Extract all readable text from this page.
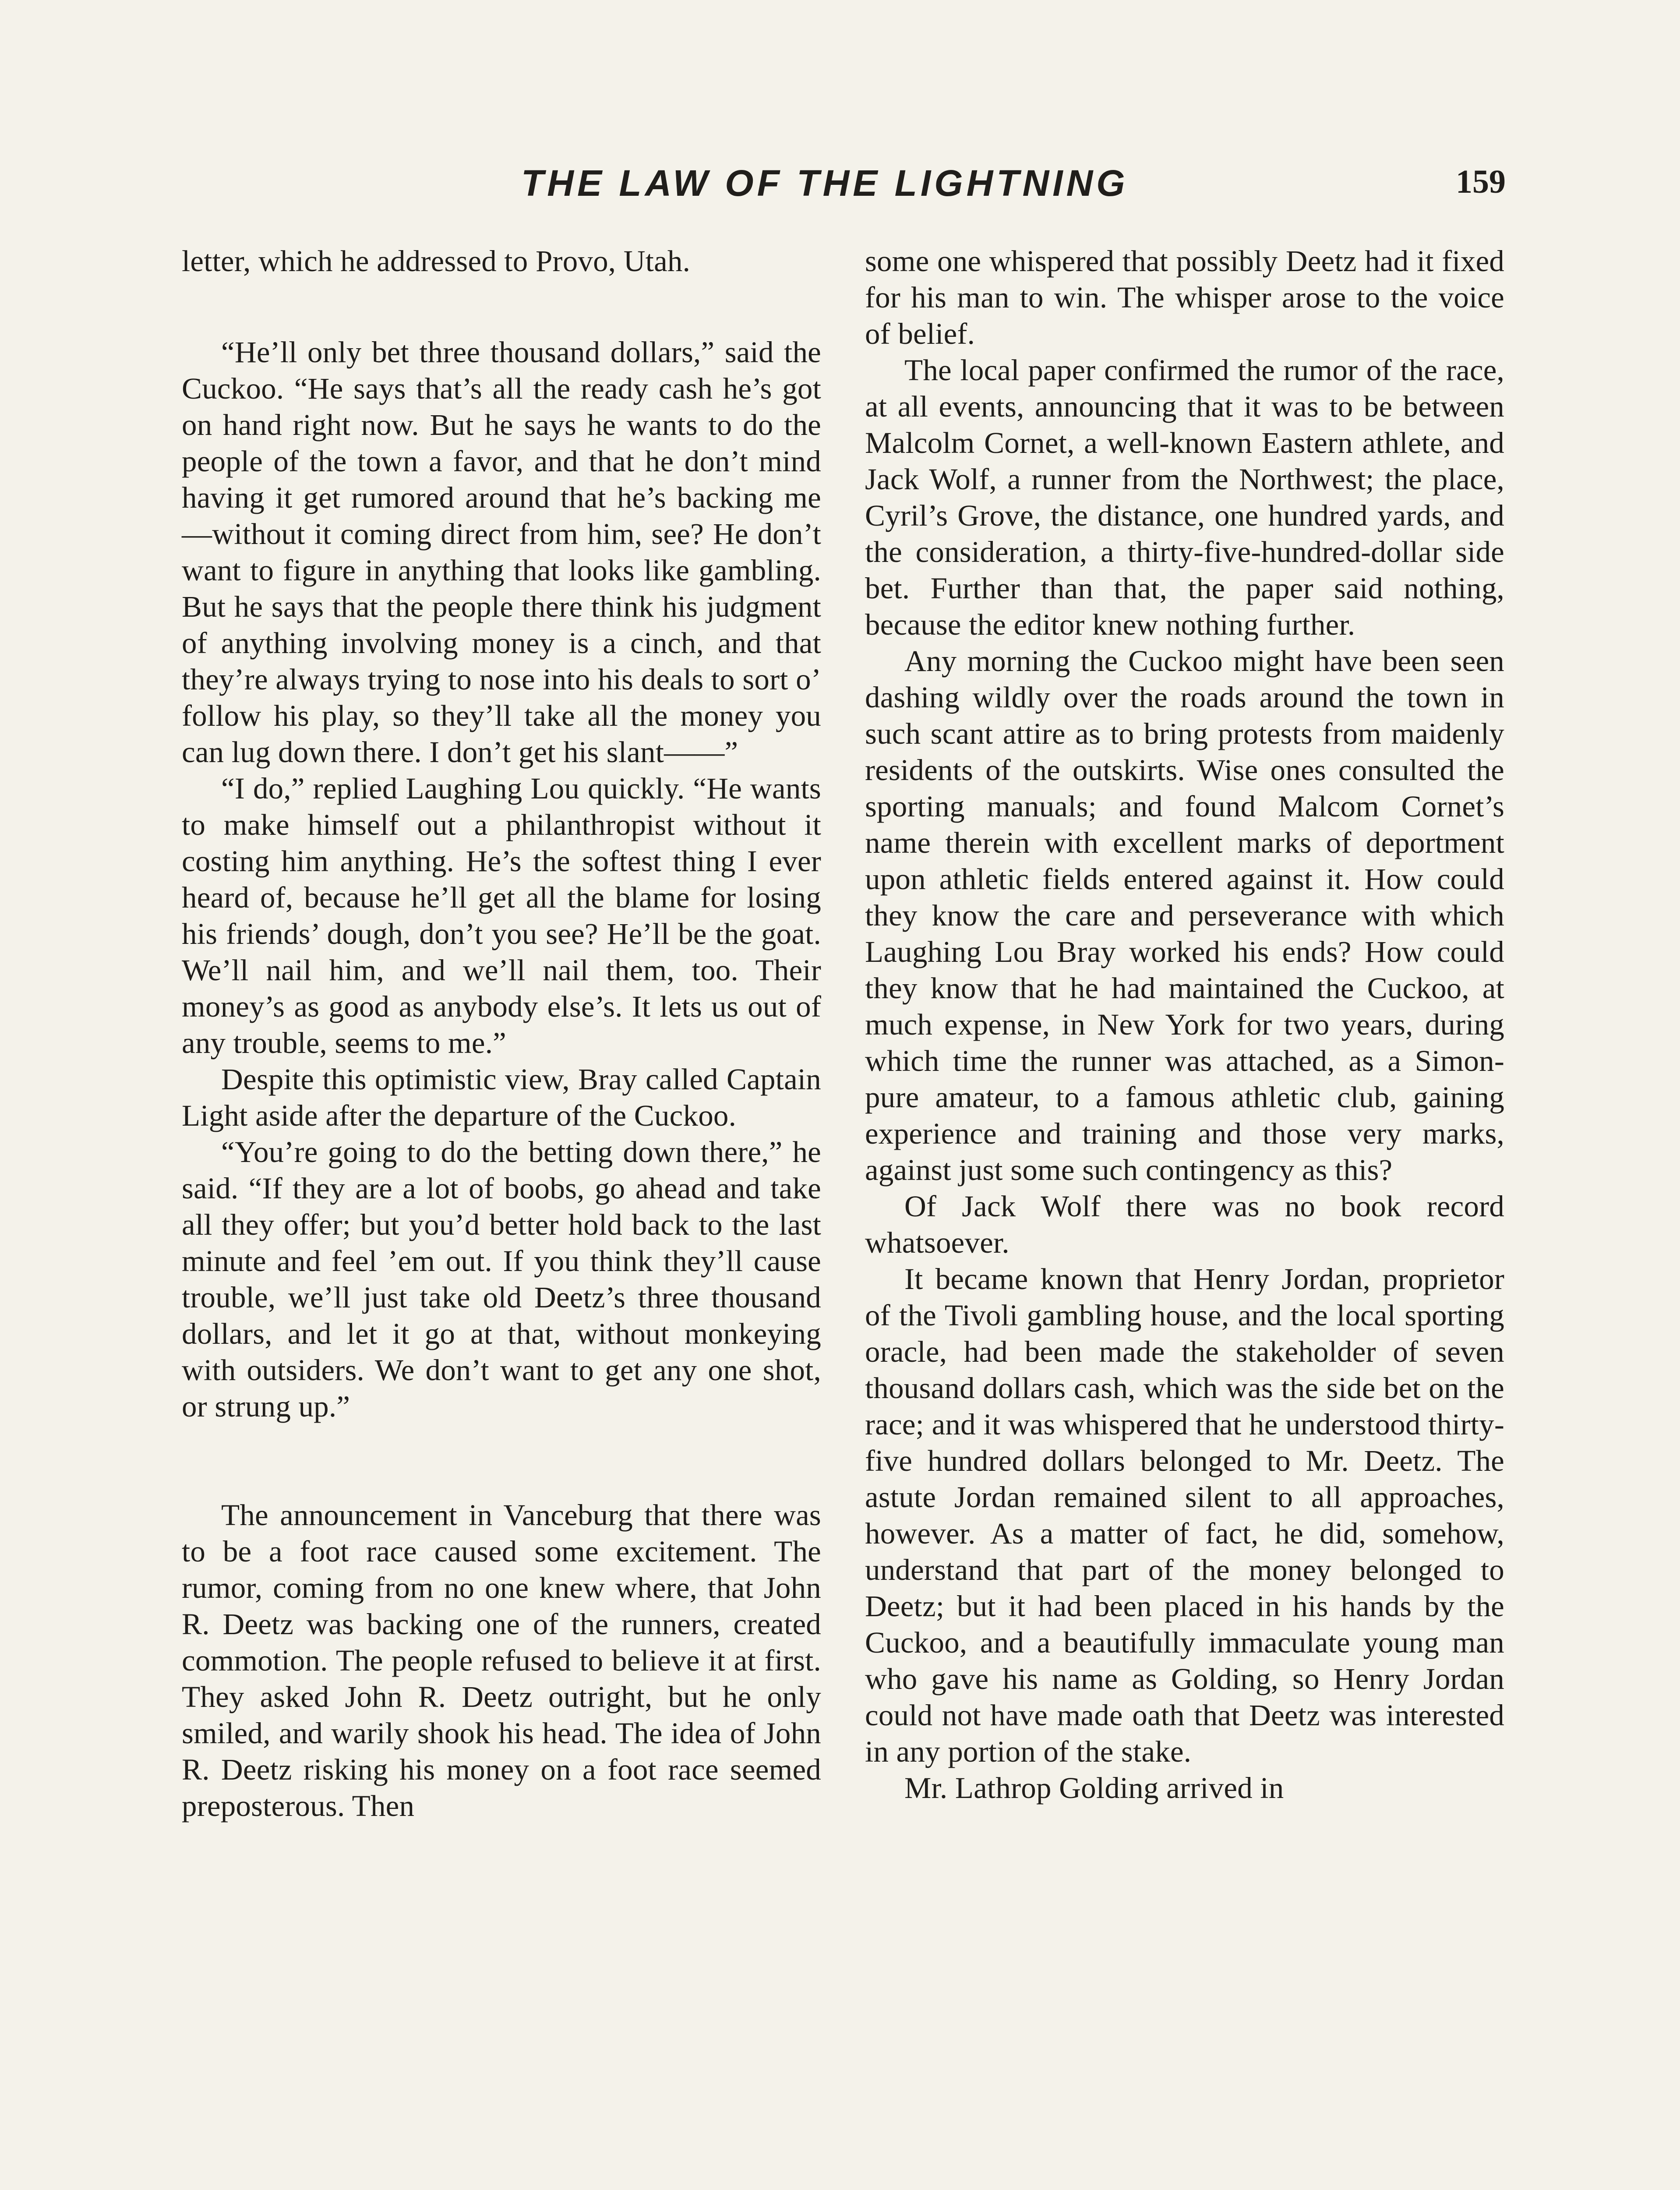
THE LAW OF THE LIGHTNING	159

letter, which he addressed to Provo, Utah.

“He’ll only bet three thousand dollars,” said the Cuckoo. “He says that’s all the ready cash he’s got on hand right now. But he says he wants to do the people of the town a favor, and that he don’t mind having it get rumored around that he’s backing me—without it coming direct from him, see? He don’t want to figure in anything that looks like gambling. But he says that the people there think his judgment of anything involving money is a cinch, and that they’re always trying to nose into his deals to sort o’ follow his play, so they’ll take all the money you can lug down there. I don’t get his slant——”

“I do,” replied Laughing Lou quickly. “He wants to make himself out a philanthropist without it costing him anything. He’s the softest thing I ever heard of, because he’ll get all the blame for losing his friends’ dough, don’t you see? He’ll be the goat. We’ll nail him, and we’ll nail them, too. Their money’s as good as anybody else’s. It lets us out of any trouble, seems to me.”

Despite this optimistic view, Bray called Captain Light aside after the departure of the Cuckoo.

“You’re going to do the betting down there,” he said. “If they are a lot of boobs, go ahead and take all they offer; but you’d better hold back to the last minute and feel ’em out. If you think they’ll cause trouble, we’ll just take old Deetz’s three thousand dollars, and let it go at that, without monkeying with outsiders. We don’t want to get any one shot, or strung up.”

The announcement in Vanceburg that there was to be a foot race caused some excitement. The rumor, coming from no one knew where, that John R. Deetz was backing one of the runners, created commotion. The people refused to believe it at first. They asked John R. Deetz outright, but he only smiled, and warily shook his head. The idea of John R. Deetz risking his money on a foot race seemed preposterous. Then

some one whispered that possibly Deetz had it fixed for his man to win. The whisper arose to the voice of belief.

The local paper confirmed the rumor of the race, at all events, announcing that it was to be between Malcolm Cornet, a well-known Eastern athlete, and Jack Wolf, a runner from the Northwest; the place, Cyril’s Grove, the distance, one hundred yards, and the consideration, a thirty-five-hundred-dollar side bet. Further than that, the paper said nothing, because the editor knew nothing further.

Any morning the Cuckoo might have been seen dashing wildly over the roads around the town in such scant attire as to bring protests from maidenly residents of the outskirts. Wise ones consulted the sporting manuals; and found Malcom Cornet’s name therein with excellent marks of deportment upon athletic fields entered against it. How could they know the care and perseverance with which Laughing Lou Bray worked his ends? How could they know that he had maintained the Cuckoo, at much expense, in New York for two years, during which time the runner was attached, as a Simon-pure amateur, to a famous athletic club, gaining experience and training and those very marks, against just some such contingency as this?

Of Jack Wolf there was no book record whatsoever.

It became known that Henry Jordan, proprietor of the Tivoli gambling house, and the local sporting oracle, had been made the stakeholder of seven thousand dollars cash, which was the side bet on the race; and it was whispered that he understood thirty-five hundred dollars belonged to Mr. Deetz. The astute Jordan remained silent to all approaches, however. As a matter of fact, he did, somehow, understand that part of the money belonged to Deetz; but it had been placed in his hands by the Cuckoo, and a beautifully immaculate young man who gave his name as Golding, so Henry Jordan could not have made oath that Deetz was interested in any portion of the stake.

Mr. Lathrop Golding arrived in
